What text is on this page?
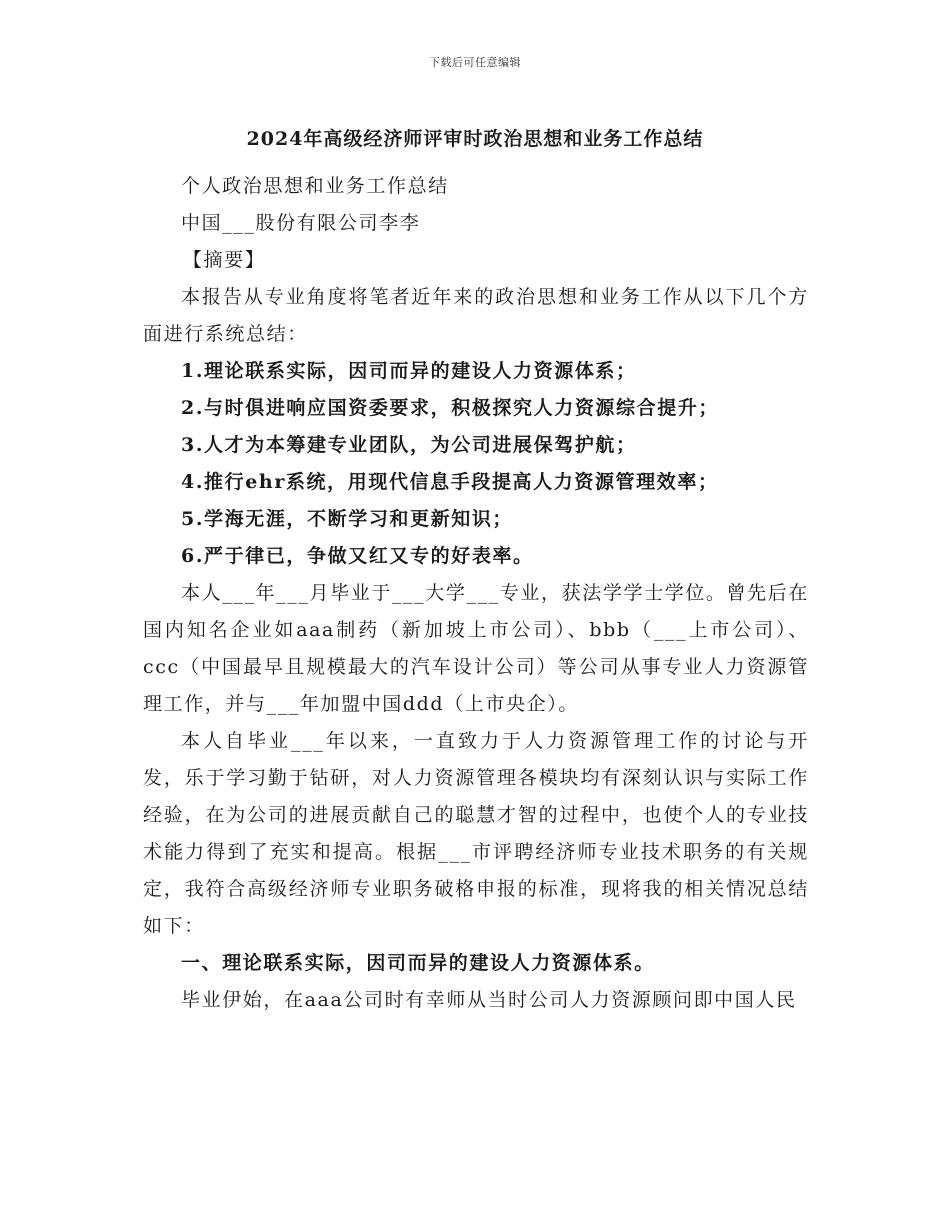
下载后可任意编辑
2024年高级经济师评审时政治思想和业务工作总结

个人政治思想和业务工作总结

中国___股份有限公司李李

【摘要】

本报告从专业角度将笔者近年来的政治思想和业务工作从以下几个方面进行系统总结：

1.理论联系实际，因司而异的建设人力资源体系；

2.与时俱进响应国资委要求，积极探究人力资源综合提升；

3.人才为本筹建专业团队，为公司进展保驾护航；

4.推行ehr系统，用现代信息手段提高人力资源管理效率；

5.学海无涯，不断学习和更新知识；

6.严于律已，争做又红又专的好表率。

本人___年___月毕业于___大学___专业，获法学学士学位。曾先后在国内知名企业如aaa制药（新加坡上市公司）、bbb（___上市公司）、ccc（中国最早且规模最大的汽车设计公司）等公司从事专业人力资源管理工作，并与___年加盟中国ddd（上市央企）。

本人自毕业___年以来，一直致力于人力资源管理工作的讨论与开发，乐于学习勤于钻研，对人力资源管理各模块均有深刻认识与实际工作经验，在为公司的进展贡献自己的聪慧才智的过程中，也使个人的专业技术能力得到了充实和提高。根据___市评聘经济师专业技术职务的有关规定，我符合高级经济师专业职务破格申报的标准，现将我的相关情况总结如下：

一、理论联系实际，因司而异的建设人力资源体系。

毕业伊始，在aaa公司时有幸师从当时公司人力资源顾问即中国人民
